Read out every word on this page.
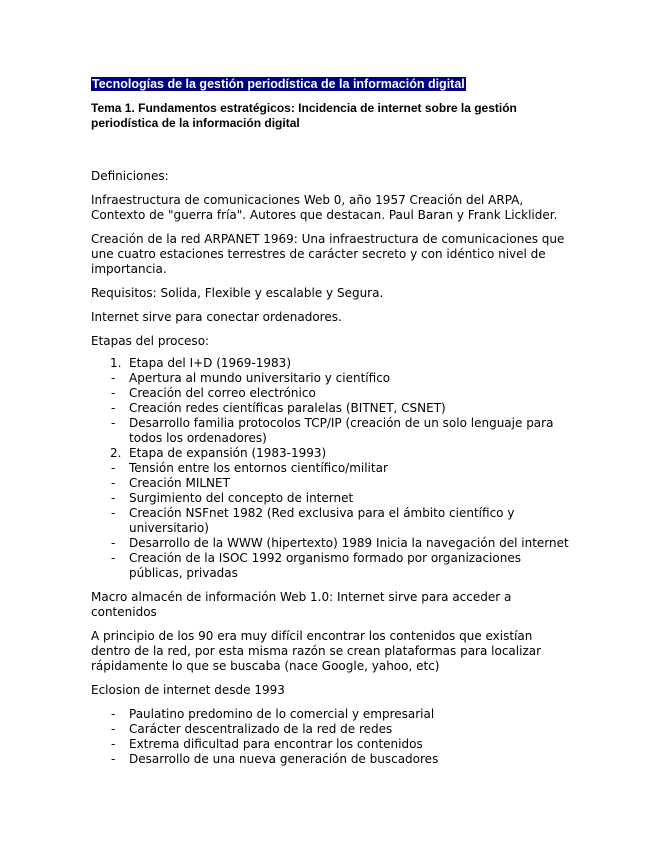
Tecnologías de la gestión periodística de la información digital
Tema 1. Fundamentos estratégicos: Incidencia de internet sobre la gestión periodística de la información digital

Definiciones:

Infraestructura de comunicaciones Web 0, año 1957 Creación del ARPA, Contexto de "guerra fría". Autores que destacan. Paul Baran y Frank Licklider.

Creación de la red ARPANET 1969: Una infraestructura de comunicaciones que une cuatro estaciones terrestres de carácter secreto y con idéntico nivel de importancia.

Requisitos: Solida, Flexible y escalable y Segura.

Internet sirve para conectar ordenadores.

Etapas del proceso:

1. Etapa del I+D (1969-1983)
- Apertura al mundo universitario y científico
- Creación del correo electrónico
- Creación redes científicas paralelas (BITNET, CSNET)
- Desarrollo familia protocolos TCP/IP (creación de un solo lenguaje para todos los ordenadores)
2. Etapa de expansión (1983-1993)
- Tensión entre los entornos científico/militar
- Creación MILNET
- Surgimiento del concepto de internet
- Creación NSFnet 1982 (Red exclusiva para el ámbito científico y universitario)
- Desarrollo de la WWW (hipertexto) 1989 Inicia la navegación del internet
- Creación de la ISOC 1992 organismo formado por organizaciones públicas, privadas

Macro almacén de información Web 1.0: Internet sirve para acceder a contenidos

A principio de los 90 era muy difícil encontrar los contenidos que existían dentro de la red, por esta misma razón se crean plataformas para localizar rápidamente lo que se buscaba (nace Google, yahoo, etc)

Eclosion de internet desde 1993

- Paulatino predomino de lo comercial y empresarial
- Carácter descentralizado de la red de redes
- Extrema dificultad para encontrar los contenidos
- Desarrollo de una nueva generación de buscadores
